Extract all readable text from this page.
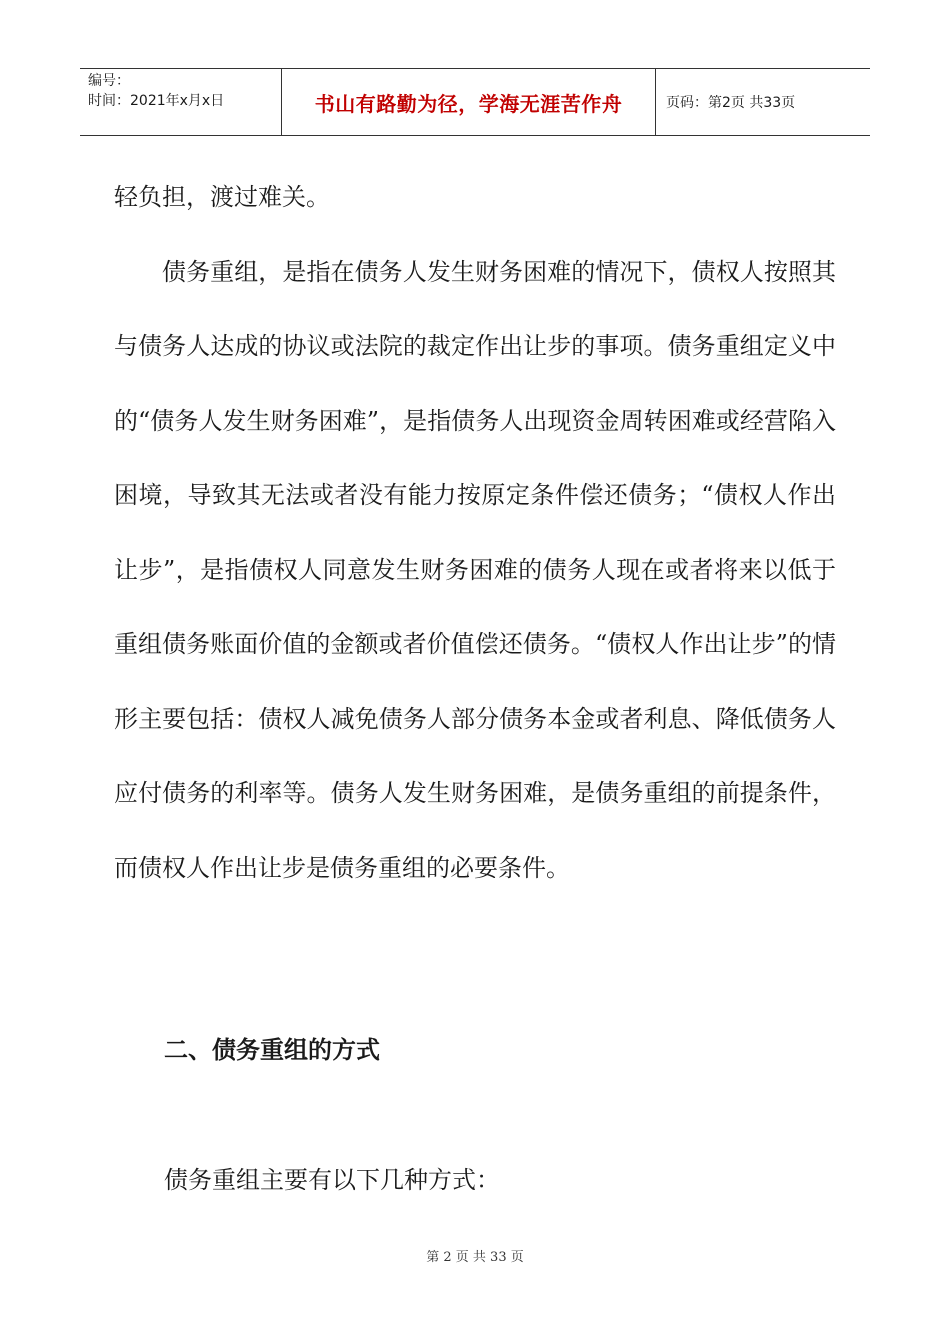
编号：
时间：2021年x月x日	书山有路勤为径，学海无涯苦作舟	页码：第2页 共33页

轻负担，渡过难关。

债务重组，是指在债务人发生财务困难的情况下，债权人按照其与债务人达成的协议或法院的裁定作出让步的事项。债务重组定义中的“债务人发生财务困难”，是指债务人出现资金周转困难或经营陷入困境，导致其无法或者没有能力按原定条件偿还债务；“债权人作出让步”，是指债权人同意发生财务困难的债务人现在或者将来以低于重组债务账面价值的金额或者价值偿还债务。“债权人作出让步”的情形主要包括：债权人减免债务人部分债务本金或者利息、降低债务人应付债务的利率等。债务人发生财务困难，是债务重组的前提条件，而债权人作出让步是债务重组的必要条件。

二、债务重组的方式
债务重组主要有以下几种方式：
第 2 页 共 33 页
